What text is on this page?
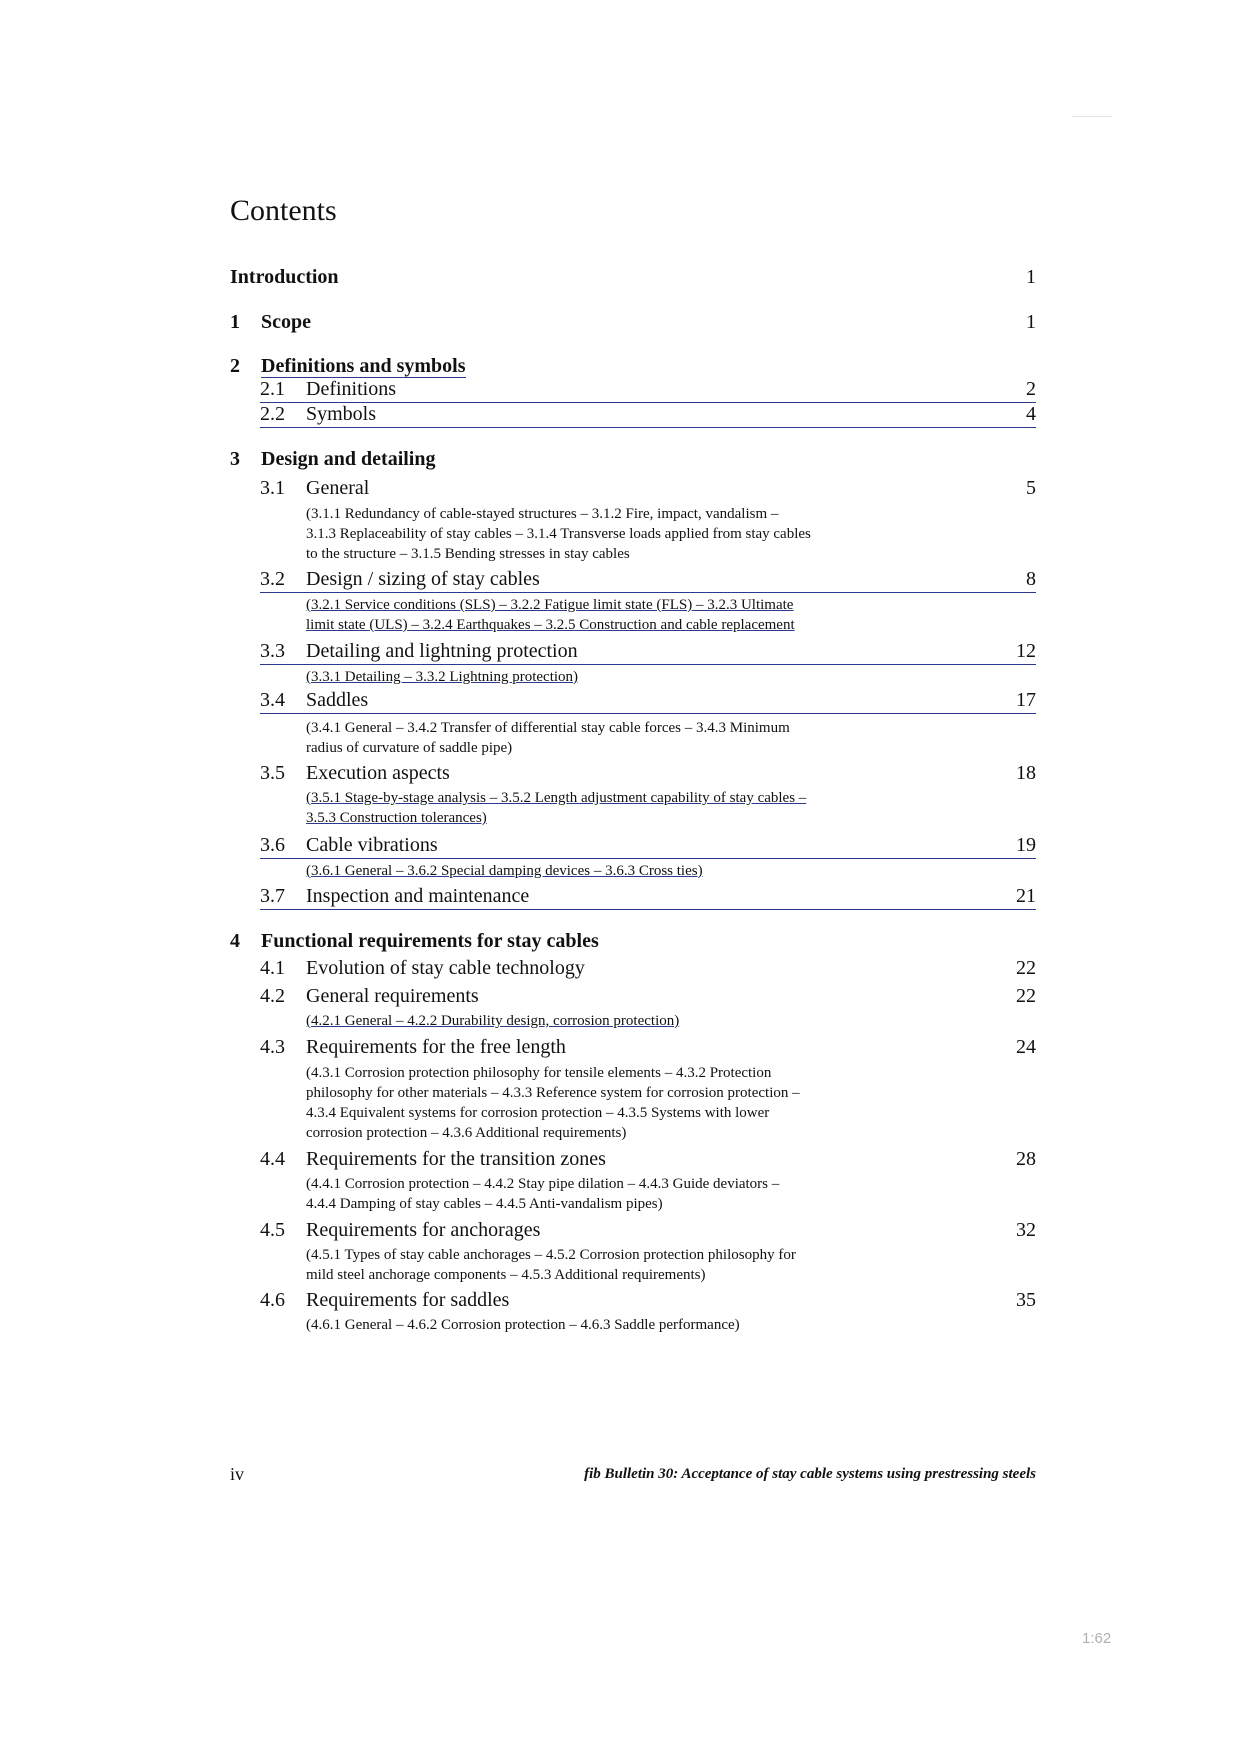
Contents
Introduction	1
1 Scope	1
2 Definitions and symbols
2.1 Definitions	2
2.2 Symbols	4
3 Design and detailing
3.1 General	5
(3.1.1 Redundancy of cable-stayed structures – 3.1.2 Fire, impact, vandalism –
3.1.3 Replaceability of stay cables – 3.1.4 Transverse loads applied from stay cables
to the structure – 3.1.5 Bending stresses in stay cables
3.2 Design / sizing of stay cables	8
(3.2.1 Service conditions (SLS) – 3.2.2 Fatigue limit state (FLS) – 3.2.3 Ultimate
limit state (ULS) – 3.2.4 Earthquakes – 3.2.5 Construction and cable replacement
3.3 Detailing and lightning protection	12
(3.3.1 Detailing – 3.3.2 Lightning protection)
3.4 Saddles	17
(3.4.1 General – 3.4.2 Transfer of differential stay cable forces – 3.4.3 Minimum
radius of curvature of saddle pipe)
3.5 Execution aspects	18
(3.5.1 Stage-by-stage analysis – 3.5.2 Length adjustment capability of stay cables –
3.5.3 Construction tolerances)
3.6 Cable vibrations	19
(3.6.1 General – 3.6.2 Special damping devices – 3.6.3 Cross ties)
3.7 Inspection and maintenance	21
4 Functional requirements for stay cables
4.1 Evolution of stay cable technology	22
4.2 General requirements	22
(4.2.1 General – 4.2.2 Durability design, corrosion protection)
4.3 Requirements for the free length	24
(4.3.1 Corrosion protection philosophy for tensile elements – 4.3.2 Protection
philosophy for other materials – 4.3.3 Reference system for corrosion protection –
4.3.4 Equivalent systems for corrosion protection – 4.3.5 Systems with lower
corrosion protection – 4.3.6 Additional requirements)
4.4 Requirements for the transition zones	28
(4.4.1 Corrosion protection – 4.4.2 Stay pipe dilation – 4.4.3 Guide deviators –
4.4.4 Damping of stay cables – 4.4.5 Anti-vandalism pipes)
4.5 Requirements for anchorages	32
(4.5.1 Types of stay cable anchorages – 4.5.2 Corrosion protection philosophy for
mild steel anchorage components – 4.5.3 Additional requirements)
4.6 Requirements for saddles	35
(4.6.1 General – 4.6.2 Corrosion protection – 4.6.3 Saddle performance)
iv	fib Bulletin 30: Acceptance of stay cable systems using prestressing steels
1:62
